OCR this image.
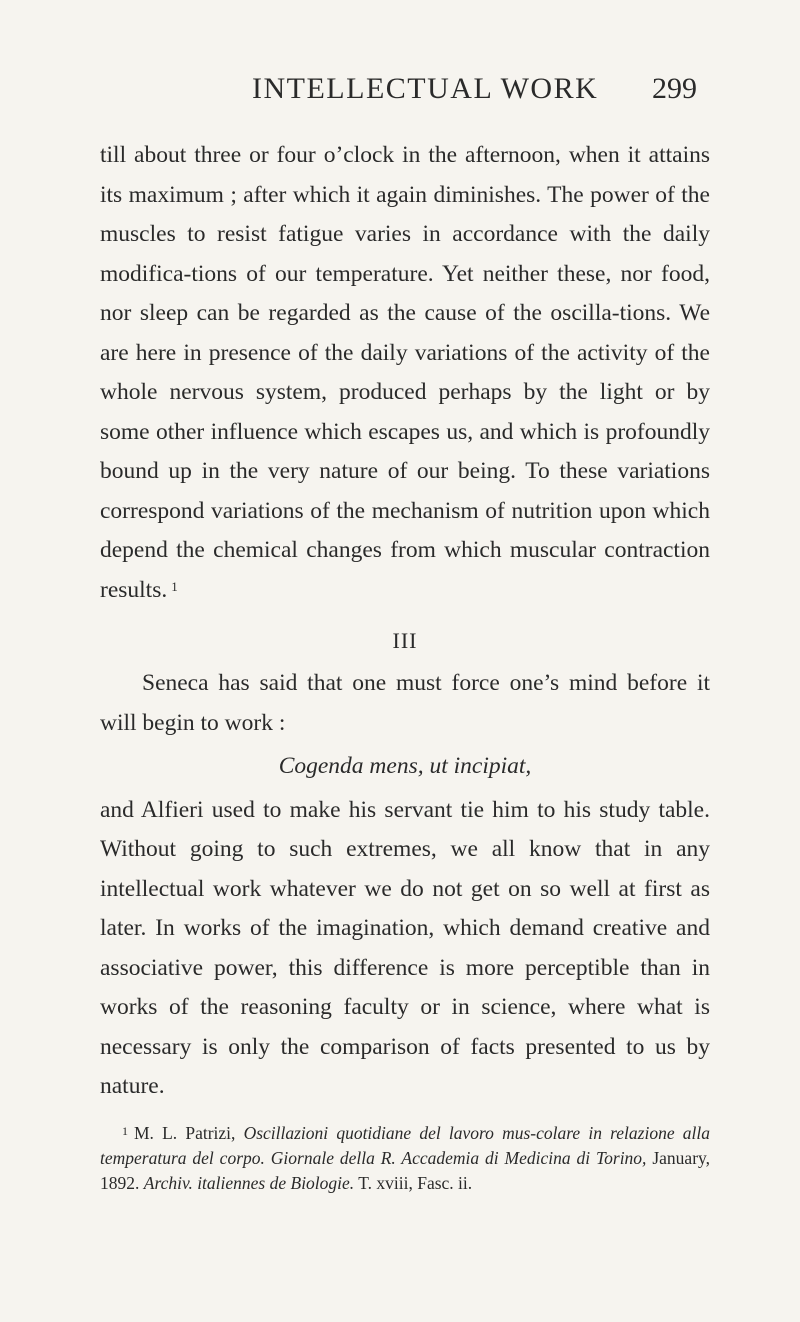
INTELLECTUAL WORK 299

till about three or four o’clock in the afternoon, when it attains its maximum ; after which it again diminishes. The power of the muscles to resist fatigue varies in accordance with the daily modifica-tions of our temperature. Yet neither these, nor food, nor sleep can be regarded as the cause of the oscilla-tions. We are here in presence of the daily variations of the activity of the whole nervous system, produced perhaps by the light or by some other influence which escapes us, and which is profoundly bound up in the very nature of our being. To these variations correspond variations of the mechanism of nutrition upon which depend the chemical changes from which muscular contraction results. $^1$

III

Seneca has said that one must force one’s mind before it will begin to work :

Cogenda mens, ut incipiat,

and Alfieri used to make his servant tie him to his study table. Without going to such extremes, we all know that in any intellectual work whatever we do not get on so well at first as later. In works of the imagination, which demand creative and associative power, this difference is more perceptible than in works of the reasoning faculty or in science, where what is necessary is only the comparison of facts presented to us by nature.

$^1$ M. L. Patrizi, Oscillazioni quotidiane del lavoro mus-colare in relazione alla temperatura del corpo. Giornale della R. Accademia di Medicina di Torino, January, 1892. Archiv. italiennes de Biologie. T. xviii, Fasc. ii.
